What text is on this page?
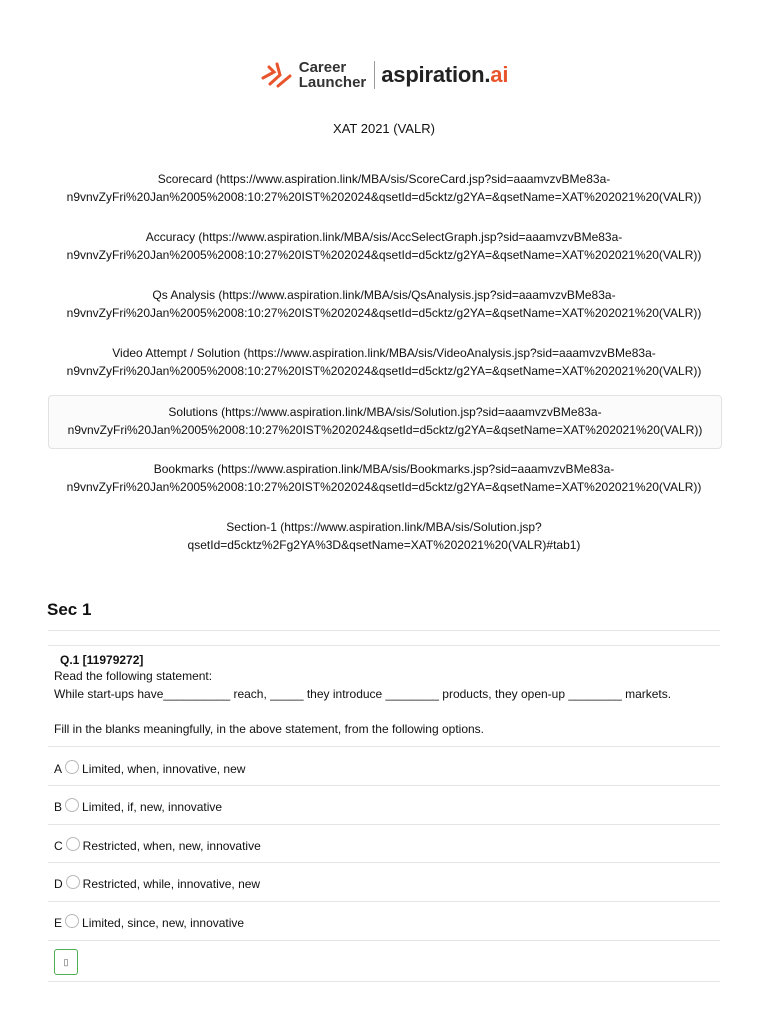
Career
Launcher aspiration.ai
XAT 2021 (VALR)
Scorecard (https://www.aspiration.link/MBA/sis/ScoreCard.jsp?sid=aaamvzvBMe83a-
n9vnvZyFri%20Jan%2005%2008:10:27%20IST%202024&qsetId=d5cktz/g2YA=&qsetName=XAT%202021%20(VALR))
Accuracy (https://www.aspiration.link/MBA/sis/AccSelectGraph.jsp?sid=aaamvzvBMe83a-
n9vnvZyFri%20Jan%2005%2008:10:27%20IST%202024&qsetId=d5cktz/g2YA=&qsetName=XAT%202021%20(VALR))
Qs Analysis (https://www.aspiration.link/MBA/sis/QsAnalysis.jsp?sid=aaamvzvBMe83a-
n9vnvZyFri%20Jan%2005%2008:10:27%20IST%202024&qsetId=d5cktz/g2YA=&qsetName=XAT%202021%20(VALR))
Video Attempt / Solution (https://www.aspiration.link/MBA/sis/VideoAnalysis.jsp?sid=aaamvzvBMe83a-
n9vnvZyFri%20Jan%2005%2008:10:27%20IST%202024&qsetId=d5cktz/g2YA=&qsetName=XAT%202021%20(VALR))
Solutions (https://www.aspiration.link/MBA/sis/Solution.jsp?sid=aaamvzvBMe83a-
n9vnvZyFri%20Jan%2005%2008:10:27%20IST%202024&qsetId=d5cktz/g2YA=&qsetName=XAT%202021%20(VALR))
Bookmarks (https://www.aspiration.link/MBA/sis/Bookmarks.jsp?sid=aaamvzvBMe83a-
n9vnvZyFri%20Jan%2005%2008:10:27%20IST%202024&qsetId=d5cktz/g2YA=&qsetName=XAT%202021%20(VALR))
Section-1 (https://www.aspiration.link/MBA/sis/Solution.jsp?
qsetId=d5cktz%2Fg2YA%3D&qsetName=XAT%202021%20(VALR)#tab1)
Sec 1
Q.1 [11979272]
Read the following statement:
While start-ups have__________ reach, _____ they introduce ________ products, they open-up ________ markets.
Fill in the blanks meaningfully, in the above statement, from the following options.
A Limited, when, innovative, new
B Limited, if, new, innovative
C Restricted, when, new, innovative
D Restricted, while, innovative, new
E Limited, since, new, innovative
▯
